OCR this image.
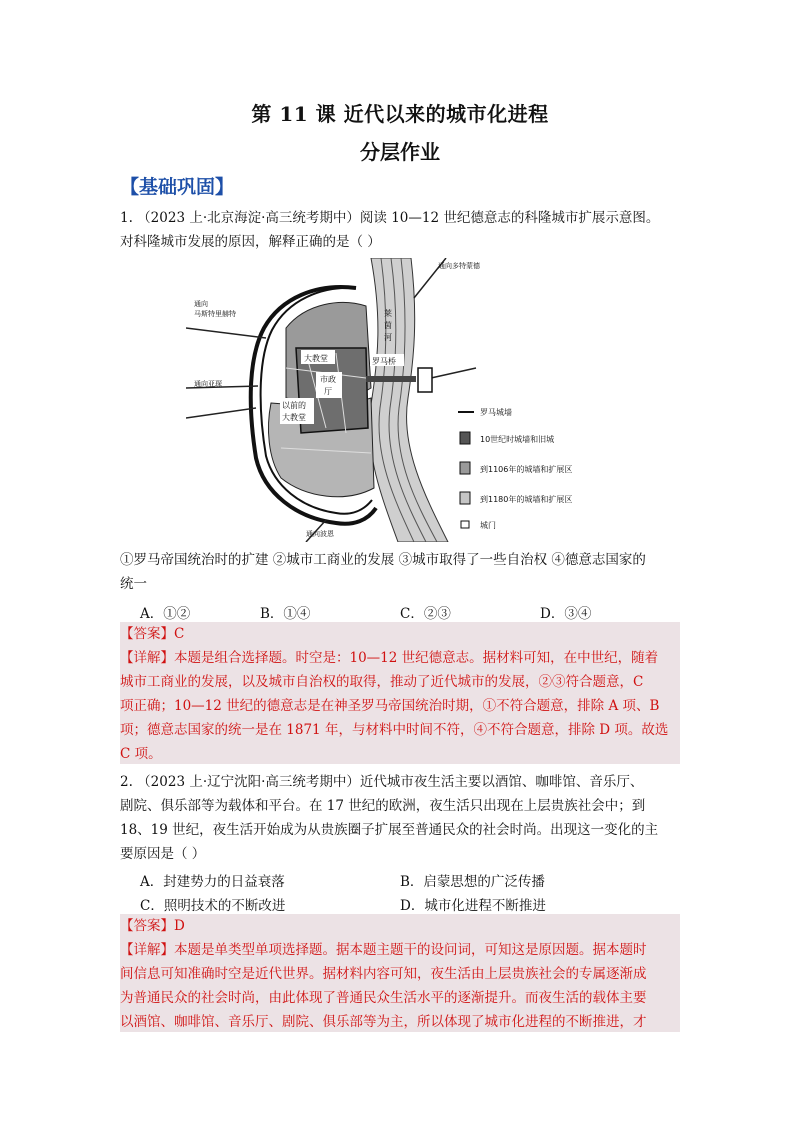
第 11 课 近代以来的城市化进程
分层作业
【基础巩固】
1. （2023 上·北京海淀·高三统考期中）阅读 10—12 世纪德意志的科隆城市扩展示意图。
对科隆城市发展的原因，解释正确的是（ ）
通向多特蒙德
通向
马斯特里赫特
通向亚琛
通向波恩
大教堂
市政
厅
以前的
大教堂
罗马桥
莱
茵
河
罗马城墙
10世纪时城墙和旧城
到1106年的城墙和扩展区
到1180年的城墙和扩展区
城门
①罗马帝国统治时的扩建 ②城市工商业的发展 ③城市取得了一些自治权 ④德意志国家的
统一
A．①②	B．①④	C．②③	D．③④
【答案】C
【详解】本题是组合选择题。时空是：10—12 世纪德意志。据材料可知，在中世纪，随着
城市工商业的发展，以及城市自治权的取得，推动了近代城市的发展，②③符合题意，C
项正确；10—12 世纪的德意志是在神圣罗马帝国统治时期，①不符合题意，排除 A 项、B
项；德意志国家的统一是在 1871 年，与材料中时间不符，④不符合题意，排除 D 项。故选
C 项。
2. （2023 上·辽宁沈阳·高三统考期中）近代城市夜生活主要以酒馆、咖啡馆、音乐厅、
剧院、俱乐部等为载体和平台。在 17 世纪的欧洲，夜生活只出现在上层贵族社会中；到
18、19 世纪，夜生活开始成为从贵族圈子扩展至普通民众的社会时尚。出现这一变化的主
要原因是（ ）
A．封建势力的日益衰落	B．启蒙思想的广泛传播
C．照明技术的不断改进	D．城市化进程不断推进
【答案】D
【详解】本题是单类型单项选择题。据本题主题干的设问词，可知这是原因题。据本题时
间信息可知准确时空是近代世界。据材料内容可知，夜生活由上层贵族社会的专属逐渐成
为普通民众的社会时尚，由此体现了普通民众生活水平的逐渐提升。而夜生活的载体主要
以酒馆、咖啡馆、音乐厅、剧院、俱乐部等为主，所以体现了城市化进程的不断推进，才
